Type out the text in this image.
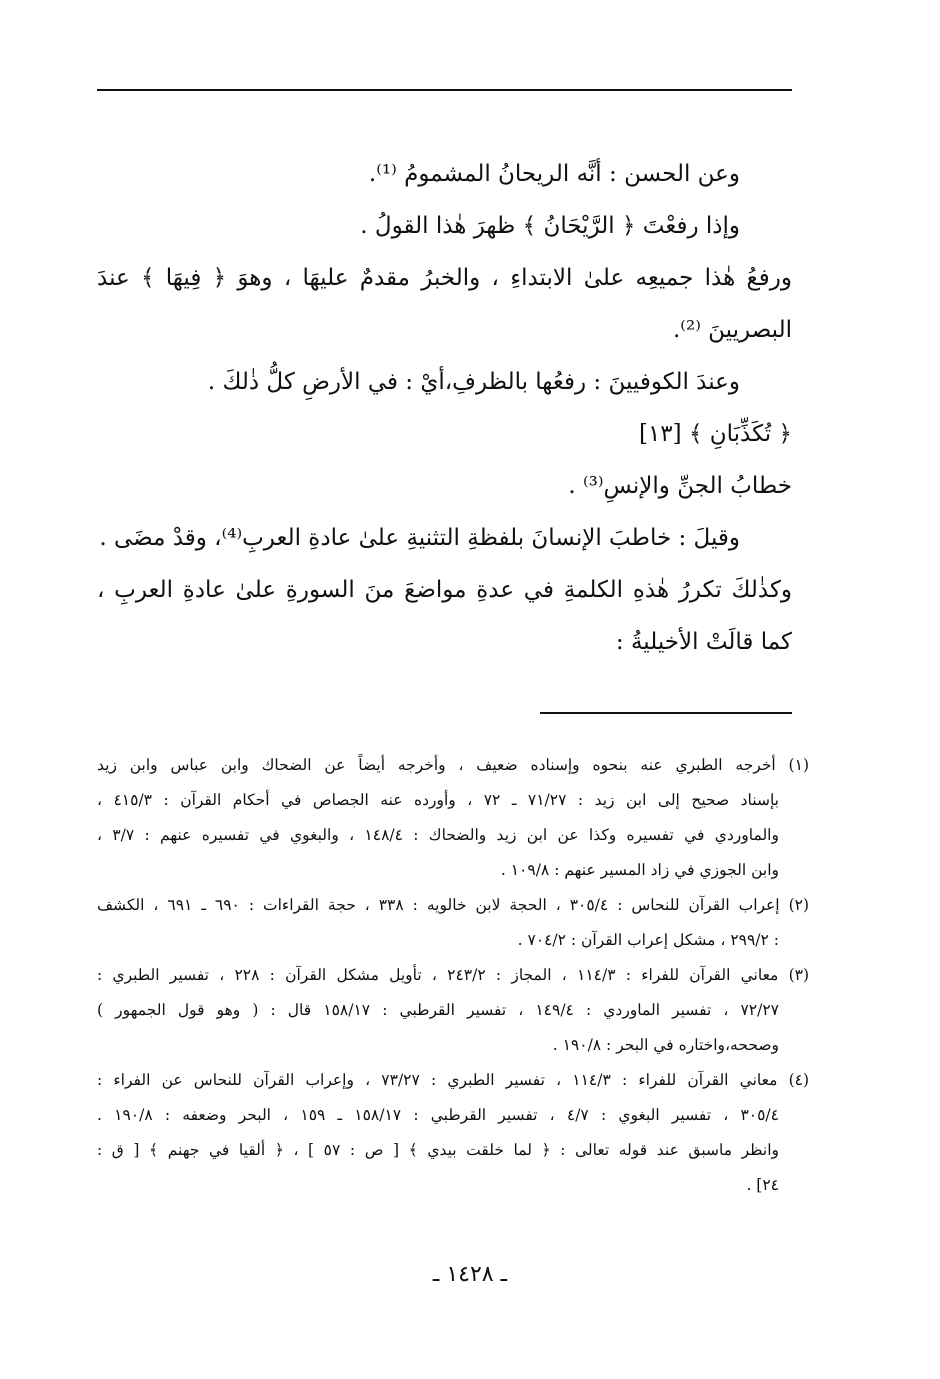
وعن الحسن : أنَّه الريحانُ المشمومُ ⁽¹⁾.
وإذا رفعْتَ ﴿ الرَّيْحَانُ ﴾ ظهرَ هٰذا القولُ .
ورفعُ هٰذا جميعِه علىٰ الابتداءِ ، والخبرُ مقدمٌ عليهَا ، وهوَ ﴿ فِيهَا ﴾ عندَ
البصريينَ ⁽²⁾.
وعندَ الكوفيينَ : رفعُها بالظرفِ،أيْ : في الأرضِ كلُّ ذٰلكَ .
﴿ تُكَذِّبَانِ ﴾ [١٣]
خطابُ الجنِّ والإنسِ⁽³⁾ .
وقيلَ : خاطبَ الإنسانَ بلفظةِ التثنيةِ علىٰ عادةِ العربِ⁽⁴⁾، وقدْ مضَى .
وكذٰلكَ تكررُ هٰذهِ الكلمةِ في عدةِ مواضعَ منَ السورةِ علىٰ عادةِ العربِ ،
كما قالَتْ الأخيليةُ :
(١) أخرجه الطبري عنه بنحوه وإسناده ضعيف ، وأخرجه أيضاً عن الضحاك وابن عباس وابن زيد
بإسناد صحيح إلى ابن زيد : ٧١/٢٧ ـ ٧٢ ، وأورده عنه الجصاص في أحكام القرآن : ٤١٥/٣ ،
والماوردي في تفسيره وكذا عن ابن زيد والضحاك : ١٤٨/٤ ، والبغوي في تفسيره عنهم : ٣/٧ ،
وابن الجوزي في زاد المسير عنهم : ١٠٩/٨ .
(٢) إعراب القرآن للنحاس : ٣٠٥/٤ ، الحجة لابن خالويه : ٣٣٨ ، حجة القراءات : ٦٩٠ ـ ٦٩١ ، الكشف
: ٢٩٩/٢ ، مشكل إعراب القرآن : ٧٠٤/٢ .
(٣) معاني القرآن للفراء : ١١٤/٣ ، المجاز : ٢٤٣/٢ ، تأويل مشكل القرآن : ٢٢٨ ، تفسير الطبري :
٧٢/٢٧ ، تفسير الماوردي : ١٤٩/٤ ، تفسير القرطبي : ١٥٨/١٧ قال : ( وهو قول الجمهور )
وصححه،واختاره في البحر : ١٩٠/٨ .
(٤) معاني القرآن للفراء : ١١٤/٣ ، تفسير الطبري : ٧٣/٢٧ ، وإعراب القرآن للنحاس عن الفراء :
٣٠٥/٤ ، تفسير البغوي : ٤/٧ ، تفسير القرطبي : ١٥٨/١٧ ـ ١٥٩ ، البحر وضعفه : ١٩٠/٨ .
وانظر ماسبق عند قوله تعالى : ﴿ لما خلقت بيدي ﴾ [ ص : ٥٧ ] ، ﴿ ألقيا في جهنم ﴾ [ ق :
٢٤] .
ـ ١٤٢٨ ـ
